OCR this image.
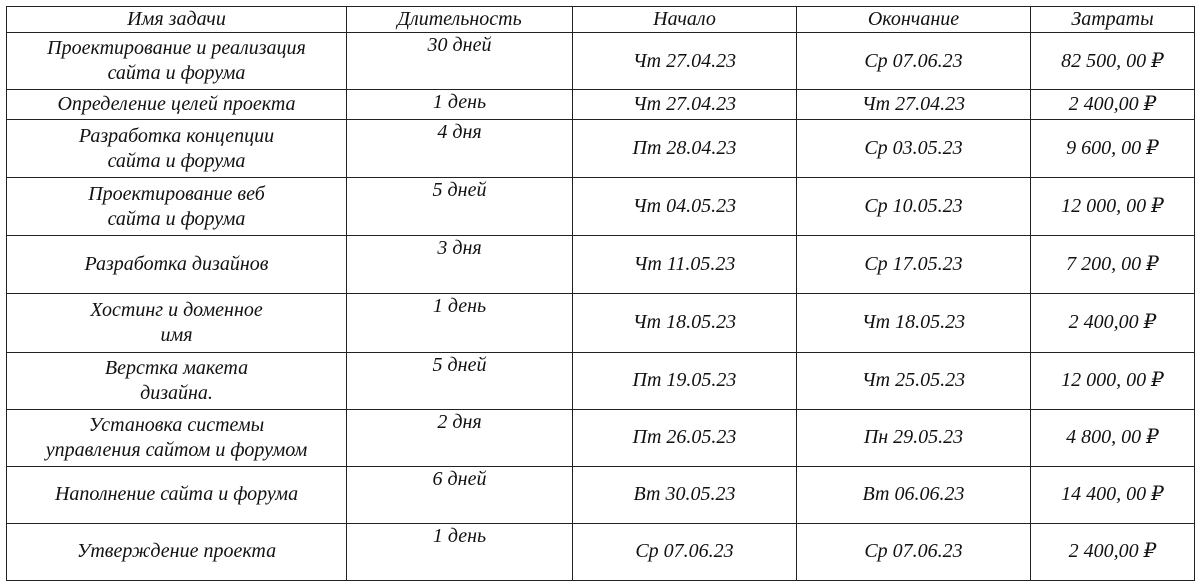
Имя задачи	Длительность	Начало	Окончание	Затраты

Проектирование и реализация
сайта и форума	30 дней	Чт 27.04.23	Ср 07.06.23	82 500, 00 ₽

Определение целей проекта	1 день	Чт 27.04.23	Чт 27.04.23	2 400,00 ₽

Разработка концепции
сайта и форума	4 дня	Пт 28.04.23	Ср 03.05.23	9 600, 00 ₽

Проектирование веб
сайта и форума	5 дней	Чт 04.05.23	Ср 10.05.23	12 000, 00 ₽

Разработка дизайнов	3 дня	Чт 11.05.23	Ср 17.05.23	7 200, 00 ₽

Хостинг и доменное
имя	1 день	Чт 18.05.23	Чт 18.05.23	2 400,00 ₽

Верстка макета
дизайна.	5 дней	Пт 19.05.23	Чт 25.05.23	12 000, 00 ₽

Установка системы
управления сайтом и форумом	2 дня	Пт 26.05.23	Пн 29.05.23	4 800, 00 ₽

Наполнение сайта и форума	6 дней	Вт 30.05.23	Вт 06.06.23	14 400, 00 ₽

Утверждение проекта	1 день	Ср 07.06.23	Ср 07.06.23	2 400,00 ₽
